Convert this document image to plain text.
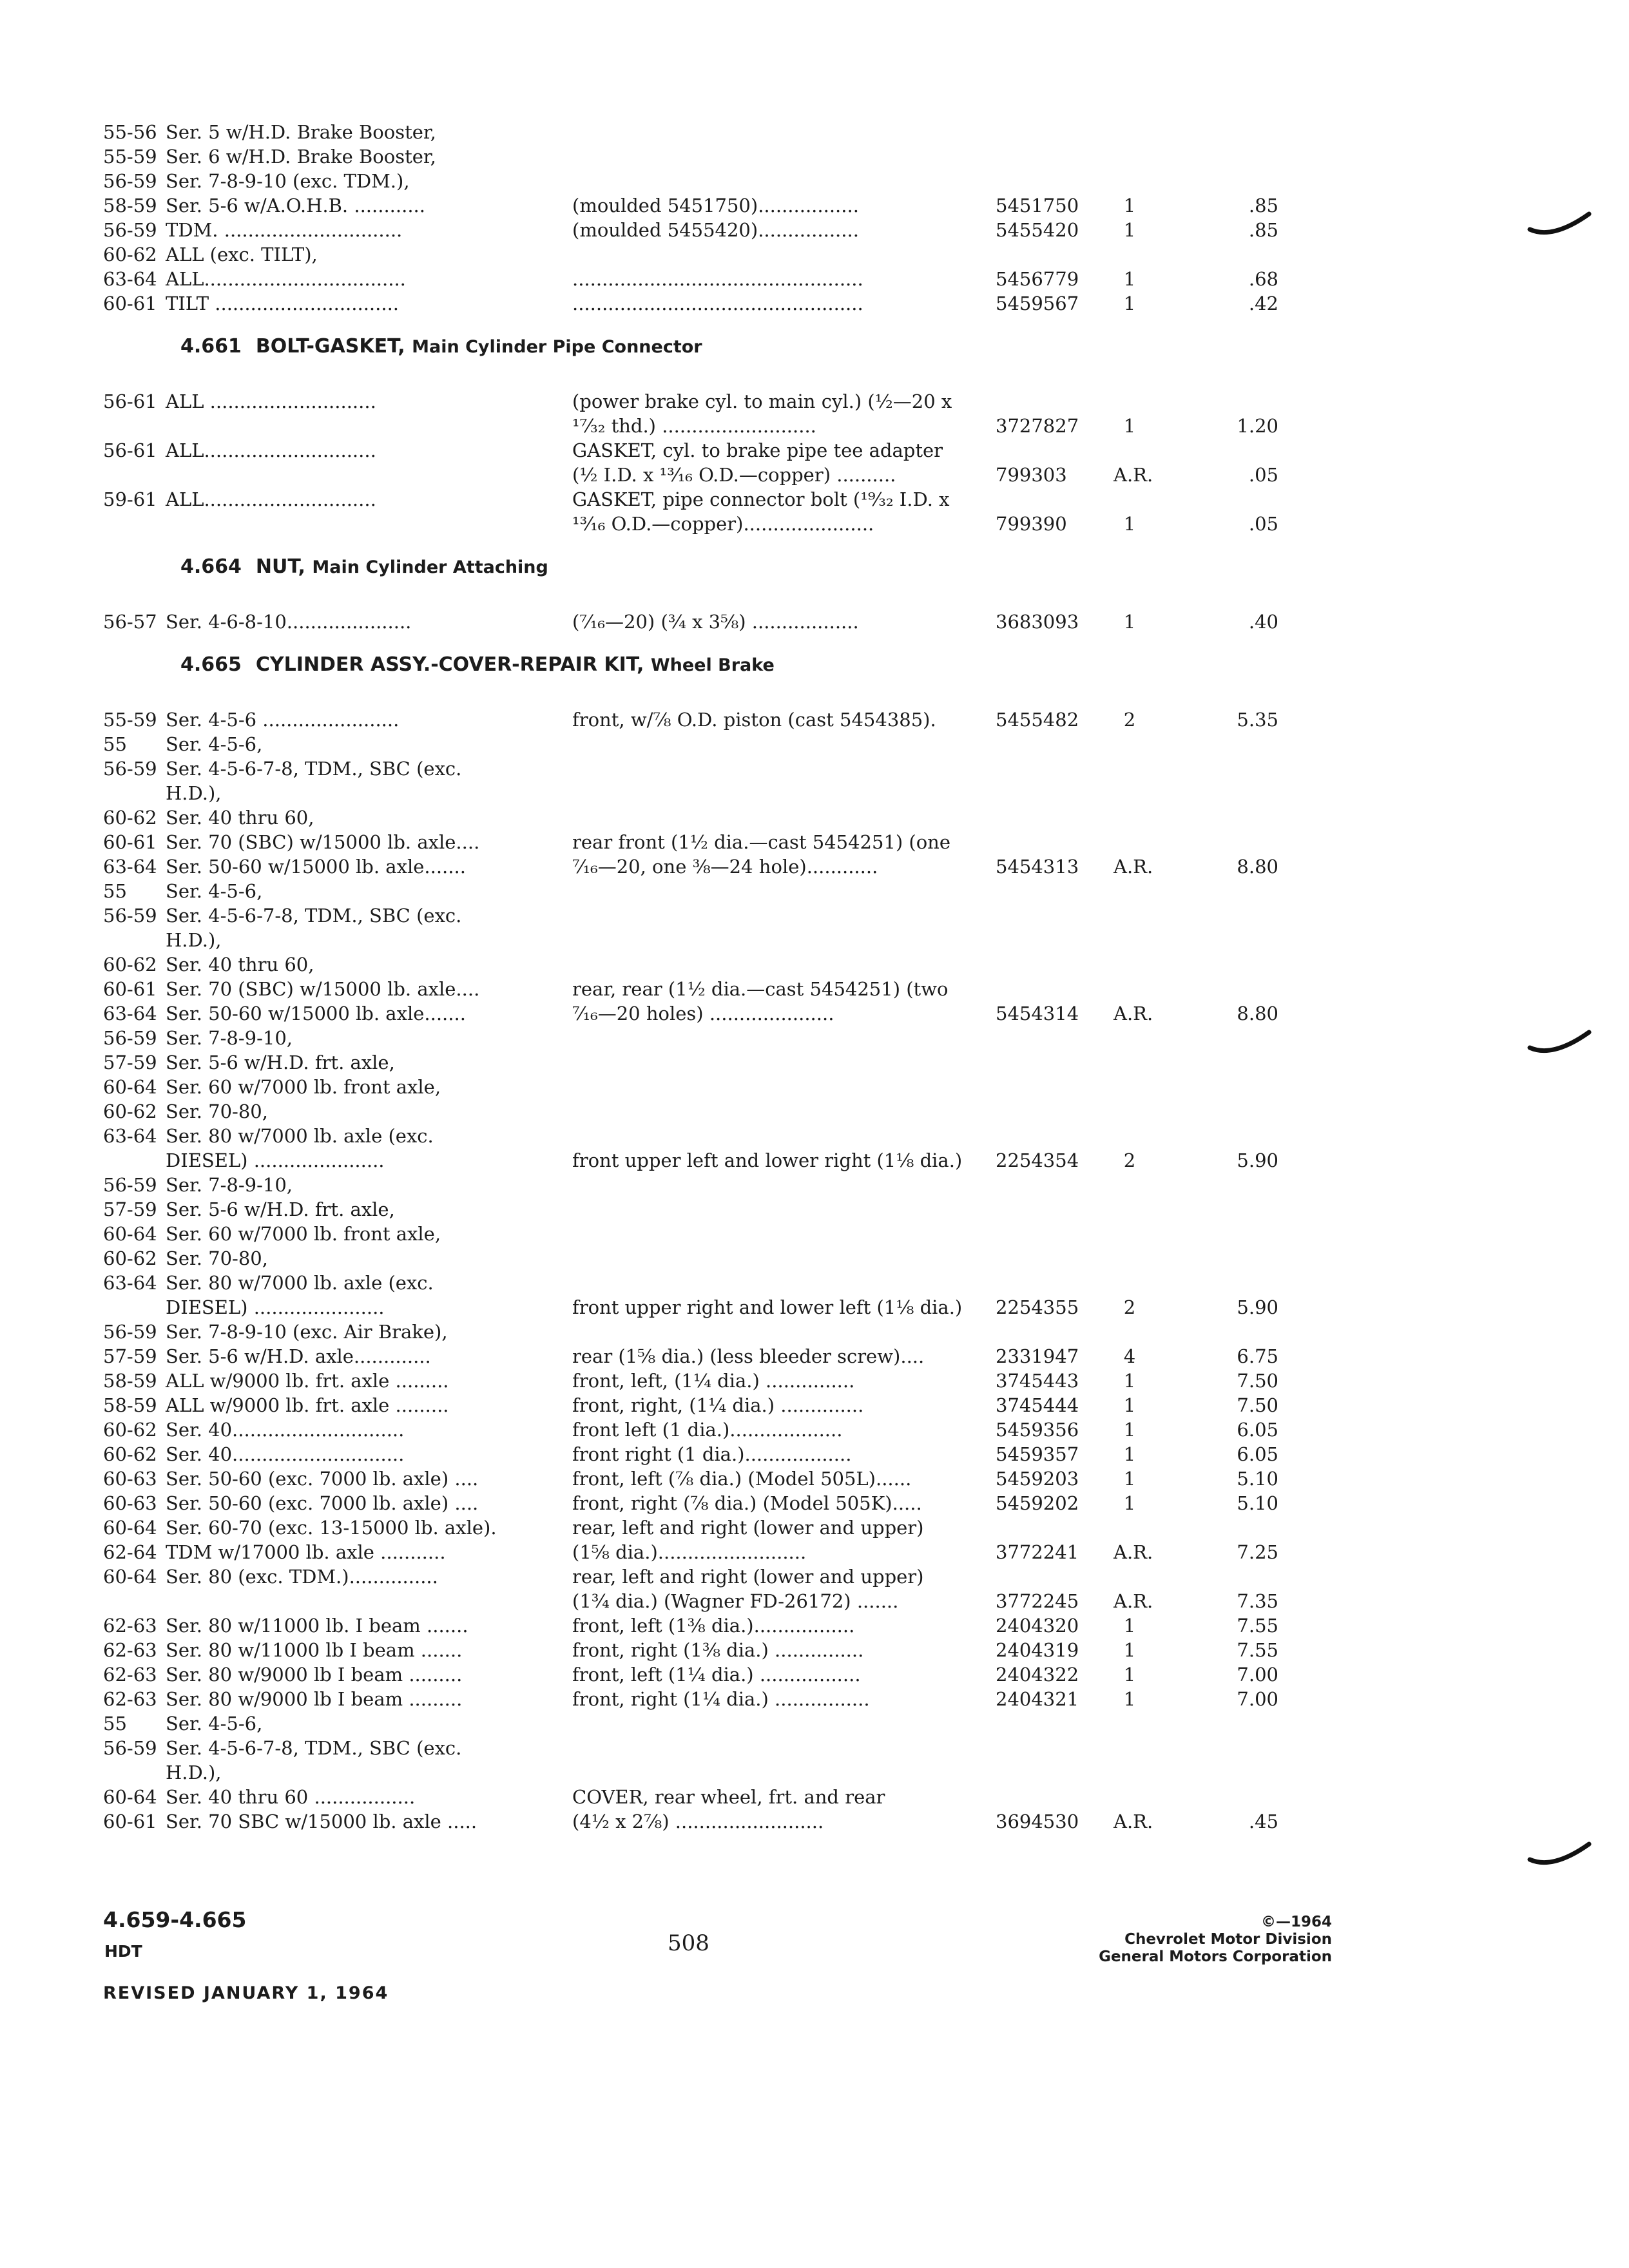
55-56 Ser. 5 w/H.D. Brake Booster,
55-59 Ser. 6 w/H.D. Brake Booster,
56-59 Ser. 7-8-9-10 (exc. TDM.),
58-59 Ser. 5-6 w/A.O.H.B. ............	(moulded 5451750).................	5451750	1	.85
56-59 TDM. ..............................	(moulded 5455420).................	5455420	1	.85
60-62 ALL (exc. TILT),
63-64 ALL..................................	.................................................	5456779	1	.68
60-61 TILT ...............................	.................................................	5459567	1	.42
4.661 BOLT-GASKET, Main Cylinder Pipe Connector
56-61 ALL ............................	(power brake cyl. to main cyl.) (½—20 x
¹⁷⁄₃₂ thd.) ..........................	3727827	1	1.20
56-61 ALL.............................	GASKET, cyl. to brake pipe tee adapter
(½ I.D. x ¹³⁄₁₆ O.D.—copper) ..........	799303 A.R.	.05
59-61 ALL.............................	GASKET, pipe connector bolt (¹⁹⁄₃₂ I.D. x
¹³⁄₁₆ O.D.—copper)......................	799390	1	.05
4.664 NUT, Main Cylinder Attaching
56-57 Ser. 4-6-8-10.....................	(⁷⁄₁₆—20) (¾ x 3⅝) ..................	3683093	1	.40
4.665 CYLINDER ASSY.-COVER-REPAIR KIT, Wheel Brake
55-59 Ser. 4-5-6 .......................	front, w/⅞ O.D. piston (cast 5454385).	5455482	2	5.35
55 Ser. 4-5-6,
56-59 Ser. 4-5-6-7-8, TDM., SBC (exc.
H.D.),
60-62 Ser. 40 thru 60,
60-61 Ser. 70 (SBC) w/15000 lb. axle....	rear front (1½ dia.—cast 5454251) (one
63-64 Ser. 50-60 w/15000 lb. axle.......	⁷⁄₁₆—20, one ⅜—24 hole)............	5454313 A.R.	8.80
55 Ser. 4-5-6,
56-59 Ser. 4-5-6-7-8, TDM., SBC (exc.
H.D.),
60-62 Ser. 40 thru 60,
60-61 Ser. 70 (SBC) w/15000 lb. axle....	rear, rear (1½ dia.—cast 5454251) (two
63-64 Ser. 50-60 w/15000 lb. axle.......	⁷⁄₁₆—20 holes) .....................	5454314 A.R.	8.80
56-59 Ser. 7-8-9-10,
57-59 Ser. 5-6 w/H.D. frt. axle,
60-64 Ser. 60 w/7000 lb. front axle,
60-62 Ser. 70-80,
63-64 Ser. 80 w/7000 lb. axle (exc.
DIESEL) ......................	front upper left and lower right (1⅛ dia.) 2254354	2	5.90
56-59 Ser. 7-8-9-10,
57-59 Ser. 5-6 w/H.D. frt. axle,
60-64 Ser. 60 w/7000 lb. front axle,
60-62 Ser. 70-80,
63-64 Ser. 80 w/7000 lb. axle (exc.
DIESEL) ......................	front upper right and lower left (1⅛ dia.) 2254355	2	5.90
56-59 Ser. 7-8-9-10 (exc. Air Brake),
57-59 Ser. 5-6 w/H.D. axle.............	rear (1⅝ dia.) (less bleeder screw)....	2331947	4	6.75
58-59 ALL w/9000 lb. frt. axle .........	front, left, (1¼ dia.) ...............	3745443	1	7.50
58-59 ALL w/9000 lb. frt. axle .........	front, right, (1¼ dia.) ..............	3745444	1	7.50
60-62 Ser. 40.............................	front left (1 dia.)...................	5459356	1	6.05
60-62 Ser. 40.............................	front right (1 dia.)..................	5459357	1	6.05
60-63 Ser. 50-60 (exc. 7000 lb. axle) ....	front, left (⅞ dia.) (Model 505L)......	5459203	1	5.10
60-63 Ser. 50-60 (exc. 7000 lb. axle) ....	front, right (⅞ dia.) (Model 505K).....	5459202	1	5.10
60-64 Ser. 60-70 (exc. 13-15000 lb. axle).	rear, left and right (lower and upper)
62-64 TDM w/17000 lb. axle ...........	(1⅝ dia.).........................	3772241 A.R.	7.25
60-64 Ser. 80 (exc. TDM.)...............	rear, left and right (lower and upper)
(1¾ dia.) (Wagner FD-26172) .......	3772245 A.R.	7.35
62-63 Ser. 80 w/11000 lb. I beam .......	front, left (1⅜ dia.).................	2404320	1	7.55
62-63 Ser. 80 w/11000 lb I beam .......	front, right (1⅜ dia.) ...............	2404319	1	7.55
62-63 Ser. 80 w/9000 lb I beam .........	front, left (1¼ dia.) .................	2404322	1	7.00
62-63 Ser. 80 w/9000 lb I beam .........	front, right (1¼ dia.) ................	2404321	1	7.00
55 Ser. 4-5-6,
56-59 Ser. 4-5-6-7-8, TDM., SBC (exc.
H.D.),
60-64 Ser. 40 thru 60 .................	COVER, rear wheel, frt. and rear
60-61 Ser. 70 SBC w/15000 lb. axle .....	(4½ x 2⅞) .........................	3694530 A.R.	.45
4.659-4.665
HDT
REVISED JANUARY 1, 1964
508
©—1964
Chevrolet Motor Division
General Motors Corporation
